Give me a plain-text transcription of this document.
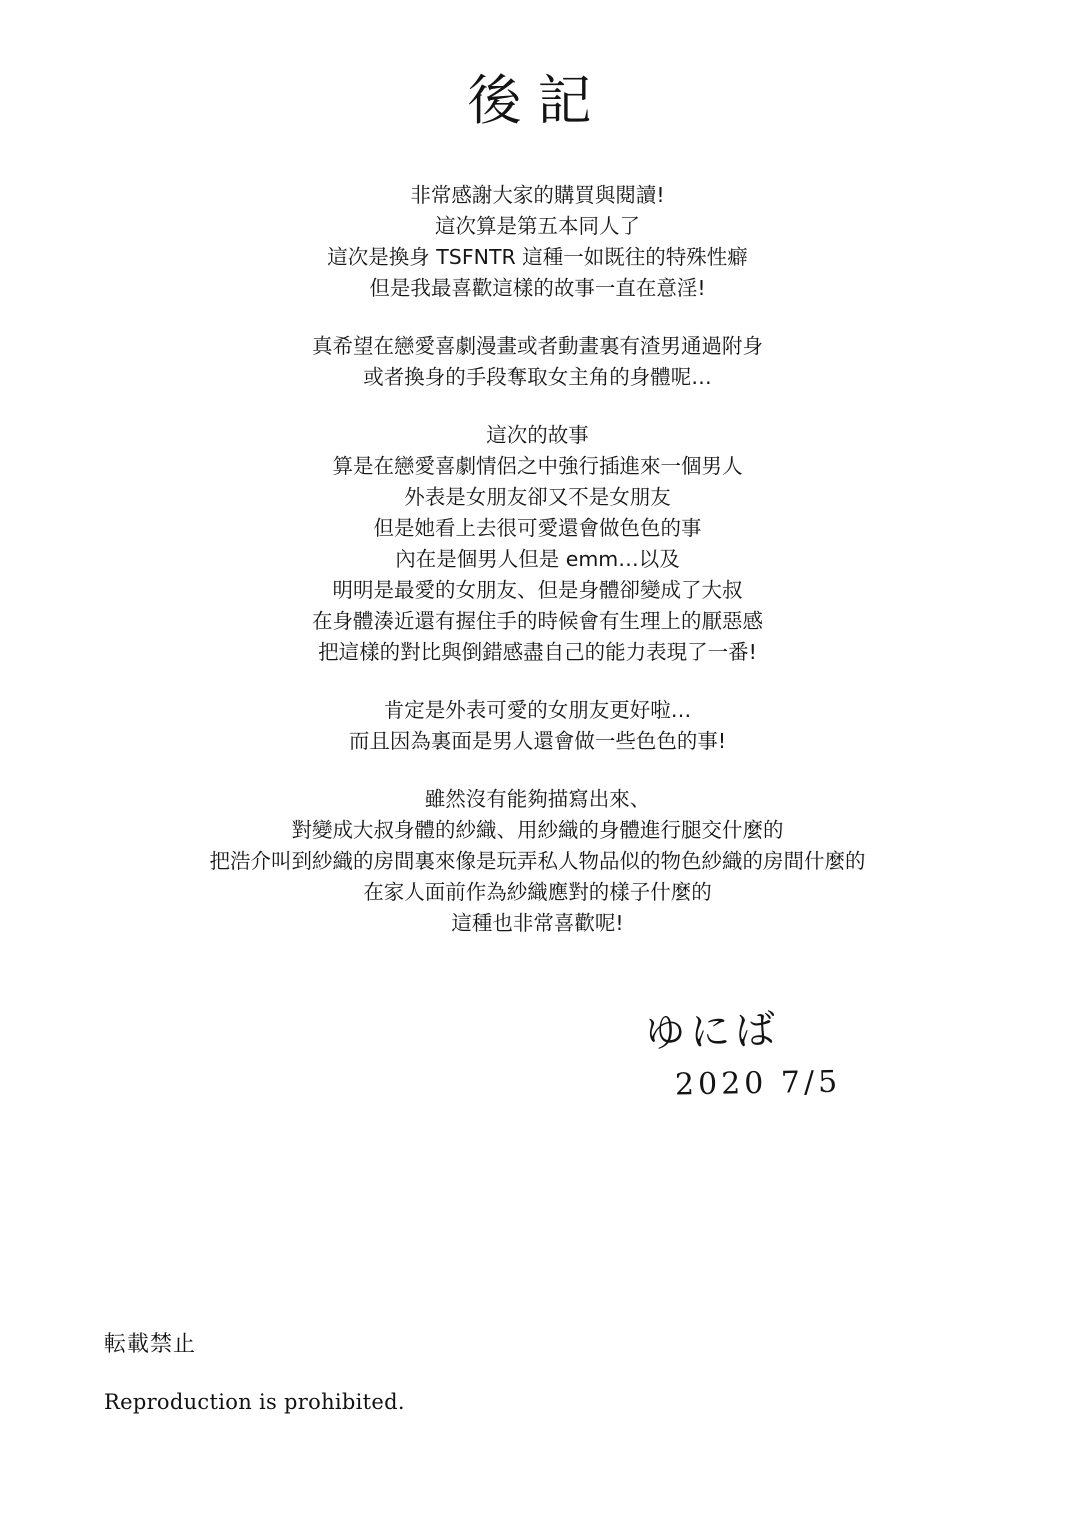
後記
非常感謝大家的購買與閱讀!
這次算是第五本同人了
這次是換身 TSFNTR 這種一如既往的特殊性癖
但是我最喜歡這樣的故事一直在意淫!
真希望在戀愛喜劇漫畫或者動畫裏有渣男通過附身
或者換身的手段奪取女主角的身體呢…
這次的故事
算是在戀愛喜劇情侶之中強行插進來一個男人
外表是女朋友卻又不是女朋友
但是她看上去很可愛還會做色色的事
內在是個男人但是 emm…以及
明明是最愛的女朋友、但是身體卻變成了大叔
在身體湊近還有握住手的時候會有生理上的厭惡感
把這樣的對比與倒錯感盡自己的能力表現了一番!
肯定是外表可愛的女朋友更好啦…
而且因為裏面是男人還會做一些色色的事!
雖然沒有能夠描寫出來、
對變成大叔身體的紗織、用紗織的身體進行腿交什麼的
把浩介叫到紗織的房間裏來像是玩弄私人物品似的物色紗織的房間什麼的
在家人面前作為紗織應對的樣子什麼的
這種也非常喜歡呢!
ゆにば
2020 7/5
転載禁止
Reproduction is prohibited.
